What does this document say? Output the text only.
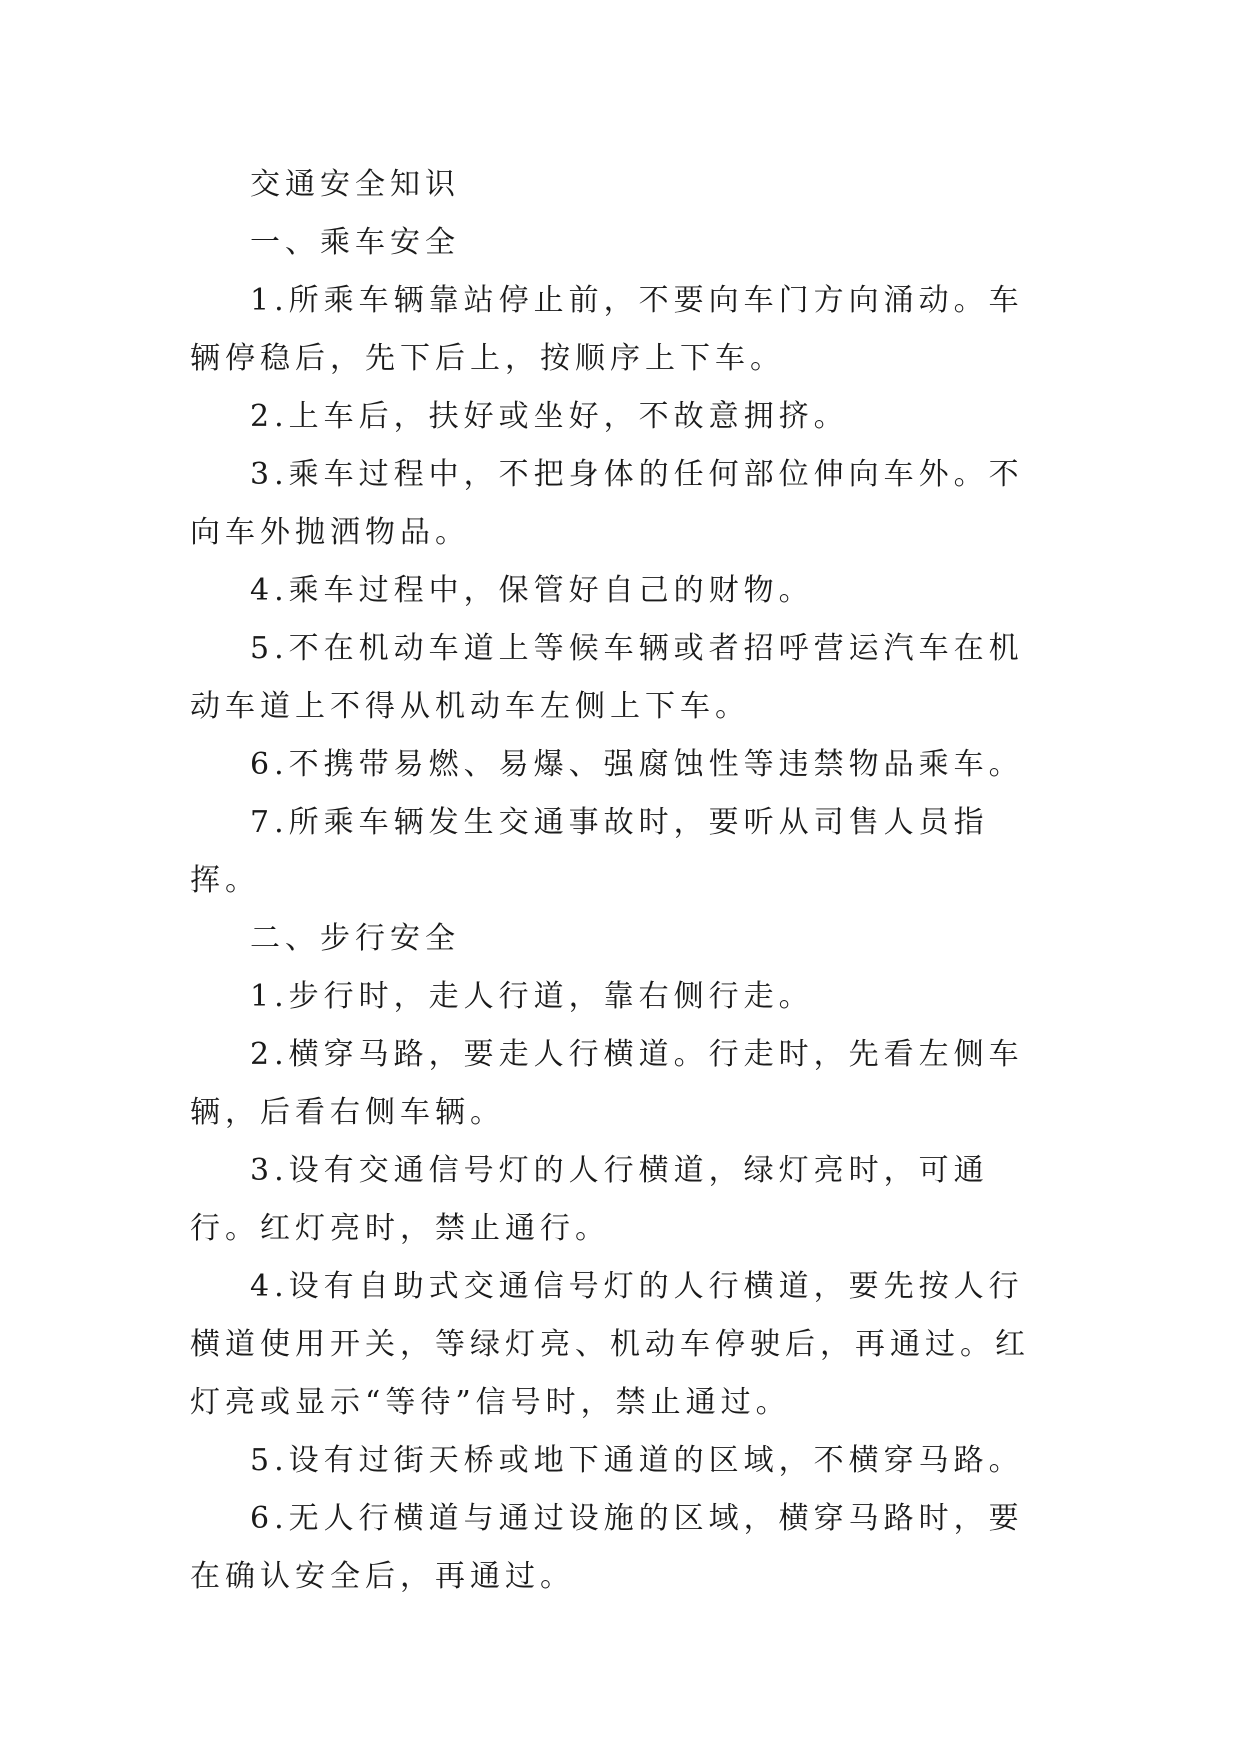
交通安全知识

一、乘车安全

1.所乘车辆靠站停止前，不要向车门方向涌动。车辆停稳后，先下后上，按顺序上下车。

2.上车后，扶好或坐好，不故意拥挤。

3.乘车过程中，不把身体的任何部位伸向车外。不向车外抛洒物品。

4.乘车过程中，保管好自己的财物。

5.不在机动车道上等候车辆或者招呼营运汽车在机动车道上不得从机动车左侧上下车。

6.不携带易燃、易爆、强腐蚀性等违禁物品乘车。

7.所乘车辆发生交通事故时，要听从司售人员指挥。

二、步行安全

1.步行时，走人行道，靠右侧行走。

2.横穿马路，要走人行横道。行走时，先看左侧车辆，后看右侧车辆。

3.设有交通信号灯的人行横道，绿灯亮时，可通行。红灯亮时，禁止通行。

4.设有自助式交通信号灯的人行横道，要先按人行横道使用开关，等绿灯亮、机动车停驶后，再通过。红灯亮或显示“等待”信号时，禁止通过。

5.设有过街天桥或地下通道的区域，不横穿马路。

6.无人行横道与通过设施的区域，横穿马路时，要在确认安全后，再通过。
